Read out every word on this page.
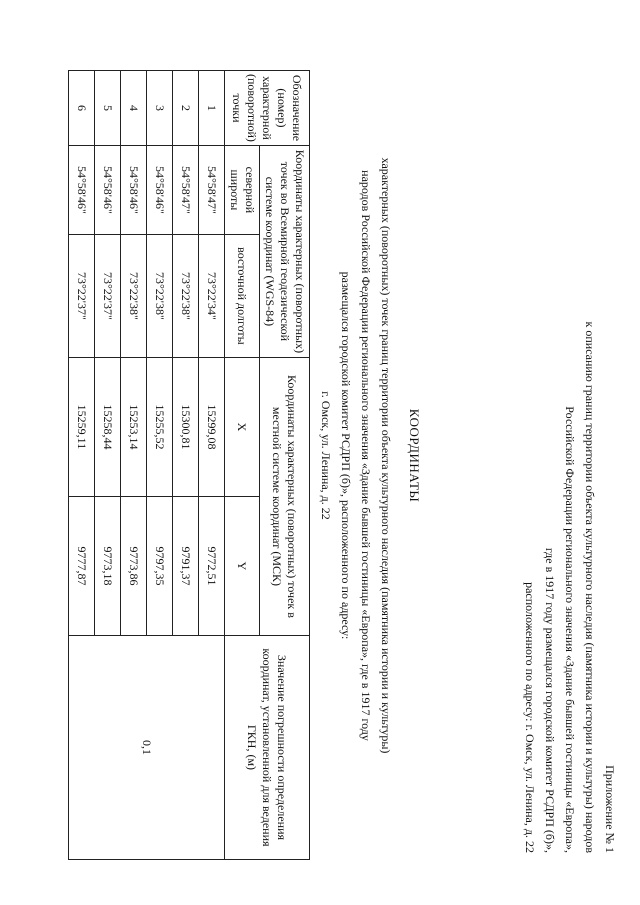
Приложение № 1
к описанию границ территории объекта культурного наследия (памятника истории и культуры) народов
Российской Федерации регионального значения «Здание бывшей гостиницы «Европа»,
где в 1917 году размещался городской комитет РСДРП (б)»,
расположенного по адресу: г. Омск, ул. Ленина, д. 22
КООРДИНАТЫ
характерных (поворотных) точек границ территории объекта культурного наследия (памятника истории и культуры)
народов Российской Федерации регионального значения «Здание бывшей гостиницы «Европа», где в 1917 году
размещался городской комитет РСДРП (б)», расположенного по адресу:
г. Омск, ул. Ленина, д. 22
Обозначение (номер) характерной (поворотной) точки	Координаты характерных (поворотных) точек во Всемирной геодезической системе координат (WGS-84)		Координаты характерных (поворотных) точек в местной системе координат (МСК)		Значение погрешности определения координат, установленной для ведения ГКН, (м)
	северной широты	восточной долготы	X	Y	
1	54°58'47"	73°22'34"	15299,08	9772,51	0,1
2	54°58'47"	73°22'38"	15300,81	9791,37	
3	54°58'46"	73°22'38"	15255,52	9797,35	
4	54°58'46"	73°22'38"	15253,14	9773,86	
5	54°58'46"	73°22'37"	15258,44	9773,18	
6	54°58'46"	73°22'37"	15259,11	9777,87	
